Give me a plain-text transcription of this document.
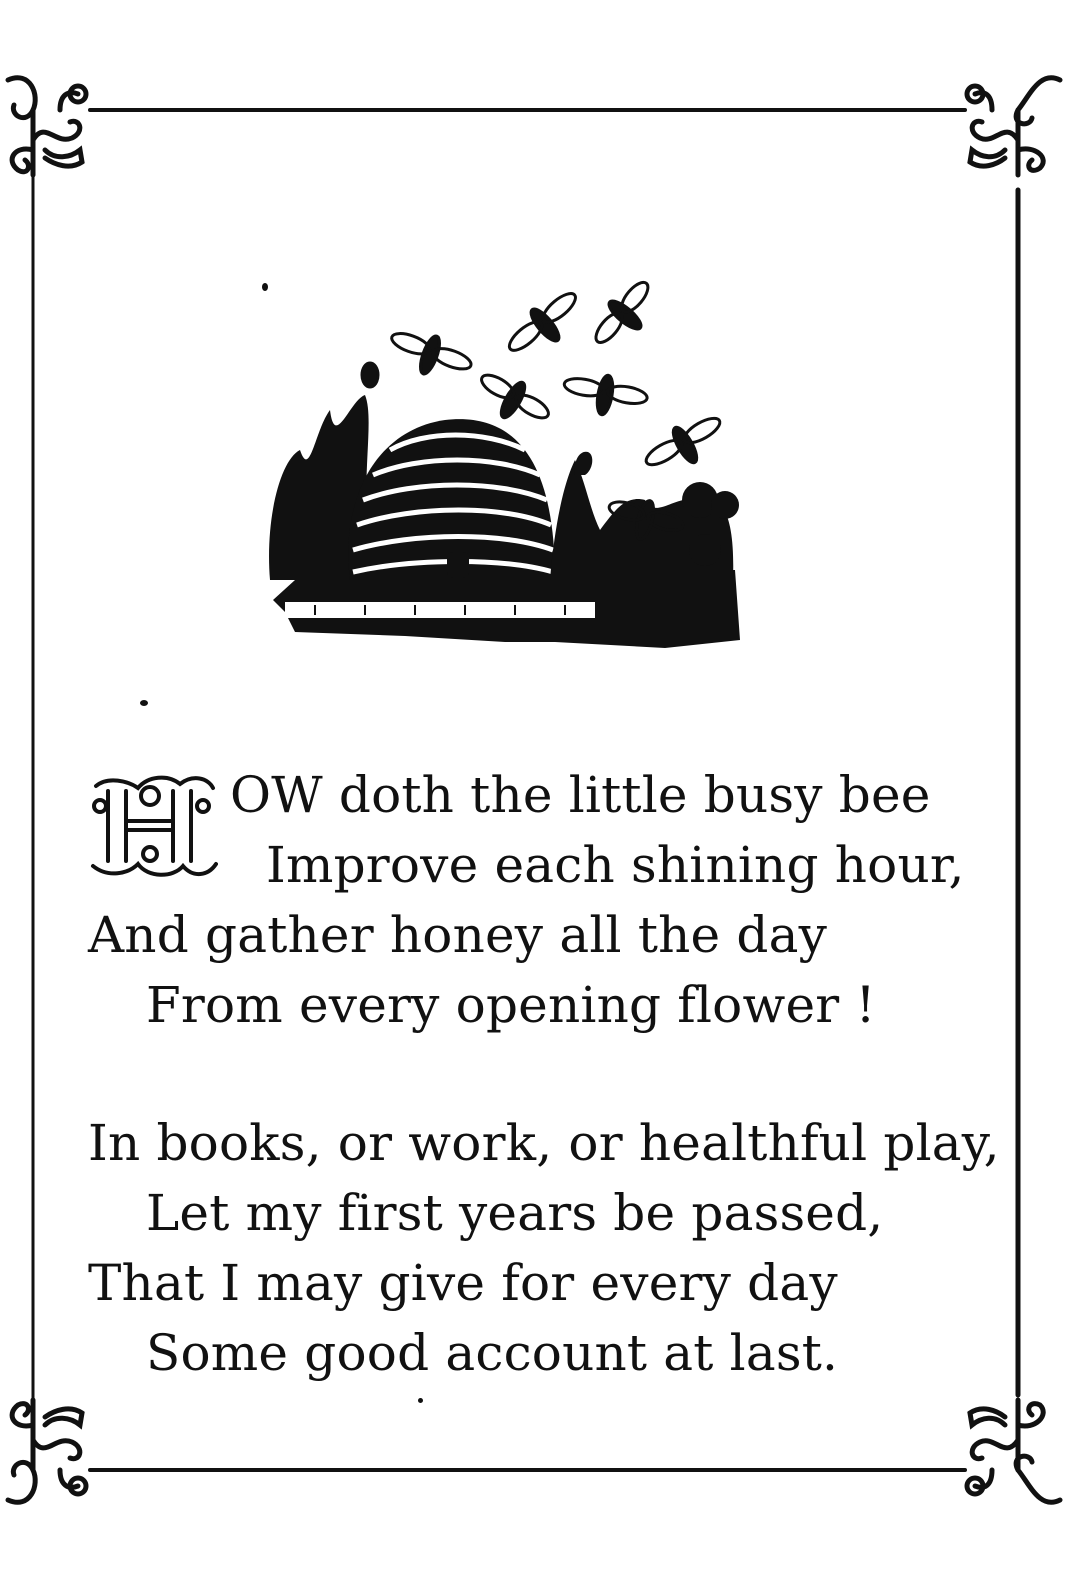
OW doth the little busy bee
Improve each shining hour,
And gather honey all the day
From every opening flower !
In books, or work, or healthful play,
Let my first years be passed,
That I may give for every day
Some good account at last.
